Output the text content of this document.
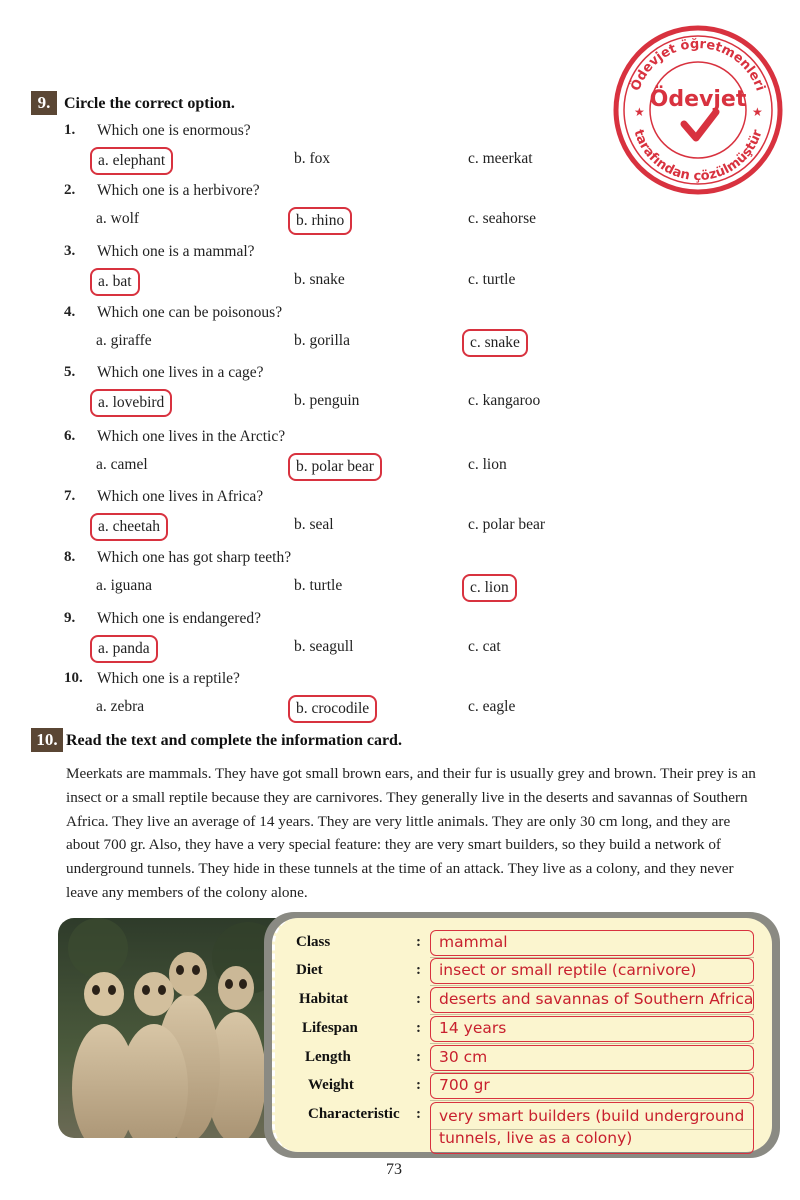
Ödevjet öğretmenleri
tarafından çözülmüştür
★	★
Ödevjet
9. Circle the correct option.
1. Which one is enormous?
a. elephant	b. fox	c. meerkat
2. Which one is a herbivore?
a. wolf	b. rhino	c. seahorse
3. Which one is a mammal?
a. bat	b. snake	c. turtle
4. Which one can be poisonous?
a. giraffe	b. gorilla	c. snake
5. Which one lives in a cage?
a. lovebird	b. penguin	c. kangaroo
6. Which one lives in the Arctic?
a. camel	b. polar bear	c. lion
7. Which one lives in Africa?
a. cheetah	b. seal	c. polar bear
8. Which one has got sharp teeth?
a. iguana	b. turtle	c. lion
9. Which one is endangered?
a. panda	b. seagull	c. cat
10. Which one is a reptile?
a. zebra	b. crocodile	c. eagle
10. Read the text and complete the information card.
Meerkats are mammals. They have got small brown ears, and their fur is usually grey and brown. Their prey is an insect or a small reptile because they are carnivores. They generally live in the deserts and savannas of Southern Africa. They live an average of 14 years. They are very little animals. They are only 30 cm long, and they are about 700 gr. Also, they have a very special feature: they are very smart builders, so they build a network of underground tunnels. They hide in these tunnels at the time of an attack. They live as a colony, and they never leave any members of the colony alone.
Class	:	mammal
Diet	:	insect or small reptile (carnivore)
Habitat	:	deserts and savannas of Southern Africa
Lifespan	:	14 years
Length	:	30 cm
Weight	:	700 gr
Characteristic :	very smart builders (build underground tunnels, live as a colony)
73
